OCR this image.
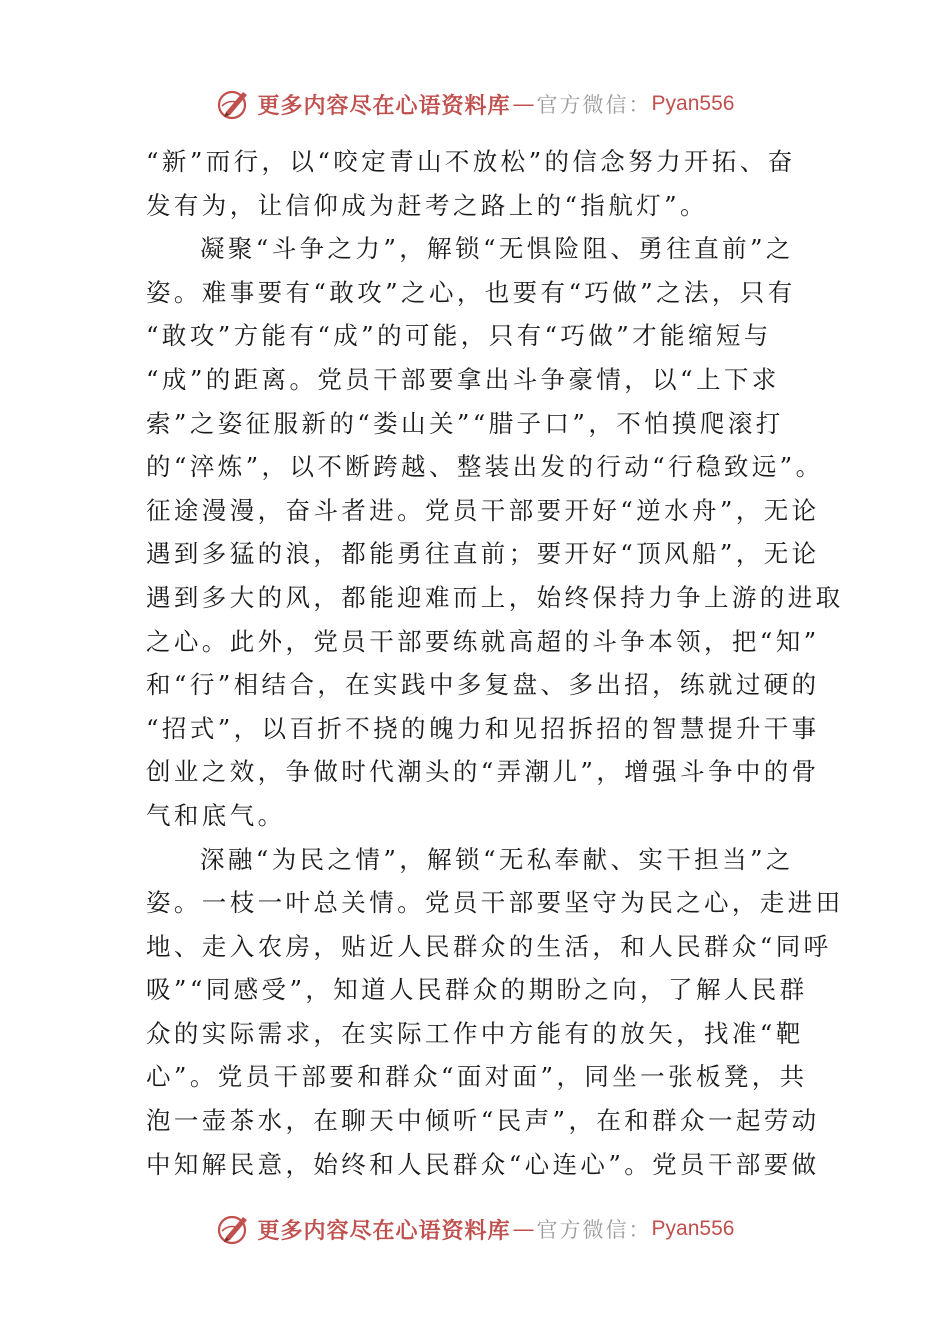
更多内容尽在心语资料库 — 官方微信： Pyan556
“新”而行，以“咬定青山不放松”的信念努力开拓、奋
发有为，让信仰成为赶考之路上的“指航灯”。
凝聚“斗争之力”，解锁“无惧险阻、勇往直前”之
姿。难事要有“敢攻”之心，也要有“巧做”之法，只有
“敢攻”方能有“成”的可能，只有“巧做”才能缩短与
“成”的距离。党员干部要拿出斗争豪情，以“上下求
索”之姿征服新的“娄山关”“腊子口”，不怕摸爬滚打
的“淬炼”，以不断跨越、整装出发的行动“行稳致远”。
征途漫漫，奋斗者进。党员干部要开好“逆水舟”，无论
遇到多猛的浪，都能勇往直前；要开好“顶风船”，无论
遇到多大的风，都能迎难而上，始终保持力争上游的进取
之心。此外，党员干部要练就高超的斗争本领，把“知”
和“行”相结合，在实践中多复盘、多出招，练就过硬的
“招式”，以百折不挠的魄力和见招拆招的智慧提升干事
创业之效，争做时代潮头的“弄潮儿”，增强斗争中的骨
气和底气。
深融“为民之情”，解锁“无私奉献、实干担当”之
姿。一枝一叶总关情。党员干部要坚守为民之心，走进田
地、走入农房，贴近人民群众的生活，和人民群众“同呼
吸”“同感受”，知道人民群众的期盼之向，了解人民群
众的实际需求，在实际工作中方能有的放矢，找准“靶
心”。党员干部要和群众“面对面”，同坐一张板凳，共
泡一壶茶水，在聊天中倾听“民声”，在和群众一起劳动
中知解民意，始终和人民群众“心连心”。党员干部要做
更多内容尽在心语资料库 — 官方微信： Pyan556
